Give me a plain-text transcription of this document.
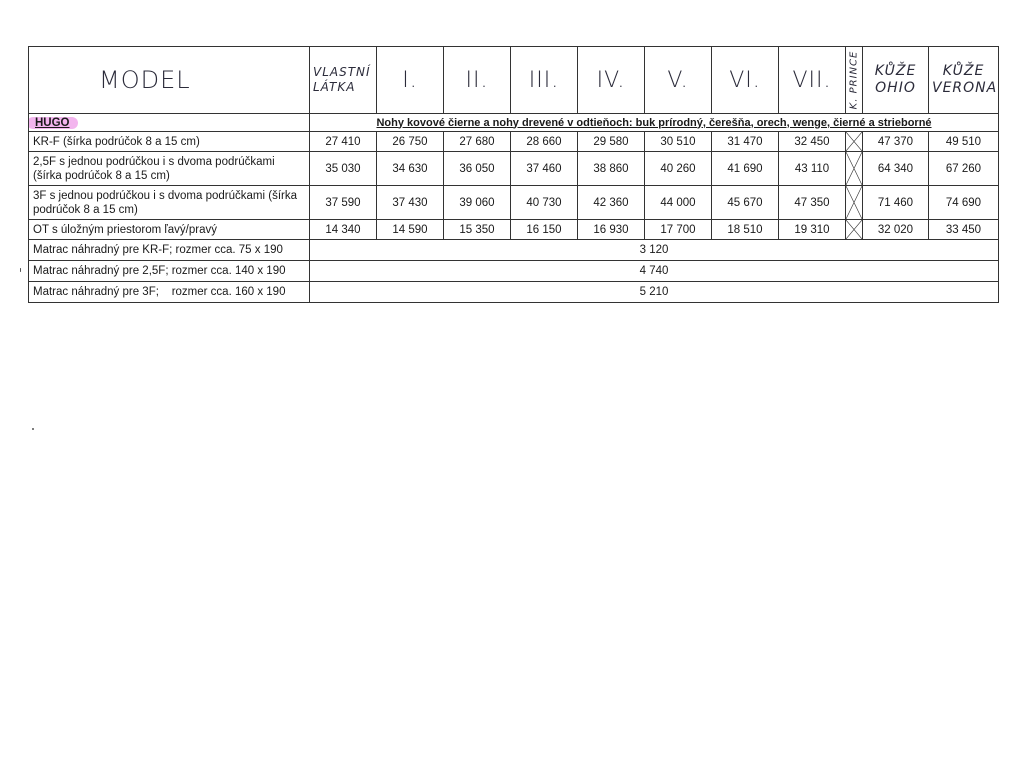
MODEL	VLASTNÍ LÁTKA	I.	II.	III.	IV.	V.	VI.	VII.	K. PRINCE	KŮŽE OHIO	KŮŽE VERONA
HUGO	Nohy kovové čierne a nohy drevené v odtieňoch: buk prírodný, čerešňa, orech, wenge, čierné a strieborné										
KR-F (šírka podrúčok 8 a 15 cm)	27 410	26 750	27 680	28 660	29 580	30 510	31 470	32 450		47 370	49 510
2,5F s jednou podrúčkou i s dvoma podrúčkami (šírka podrúčok 8 a 15 cm)	35 030	34 630	36 050	37 460	38 860	40 260	41 690	43 110		64 340	67 260
3F s jednou podrúčkou i s dvoma podrúčkami (šírka podrúčok 8 a 15 cm)	37 590	37 430	39 060	40 730	42 360	44 000	45 670	47 350		71 460	74 690
OT s úložným priestorom ľavý/pravý	14 340	14 590	15 350	16 150	16 930	17 700	18 510	19 310		32 020	33 450
Matrac náhradný pre KR-F; rozmer cca. 75 x 190	3 120										
Matrac náhradný pre 2,5F; rozmer cca. 140 x 190	4 740										
Matrac náhradný pre 3F;    rozmer cca. 160 x 190	5 210										
